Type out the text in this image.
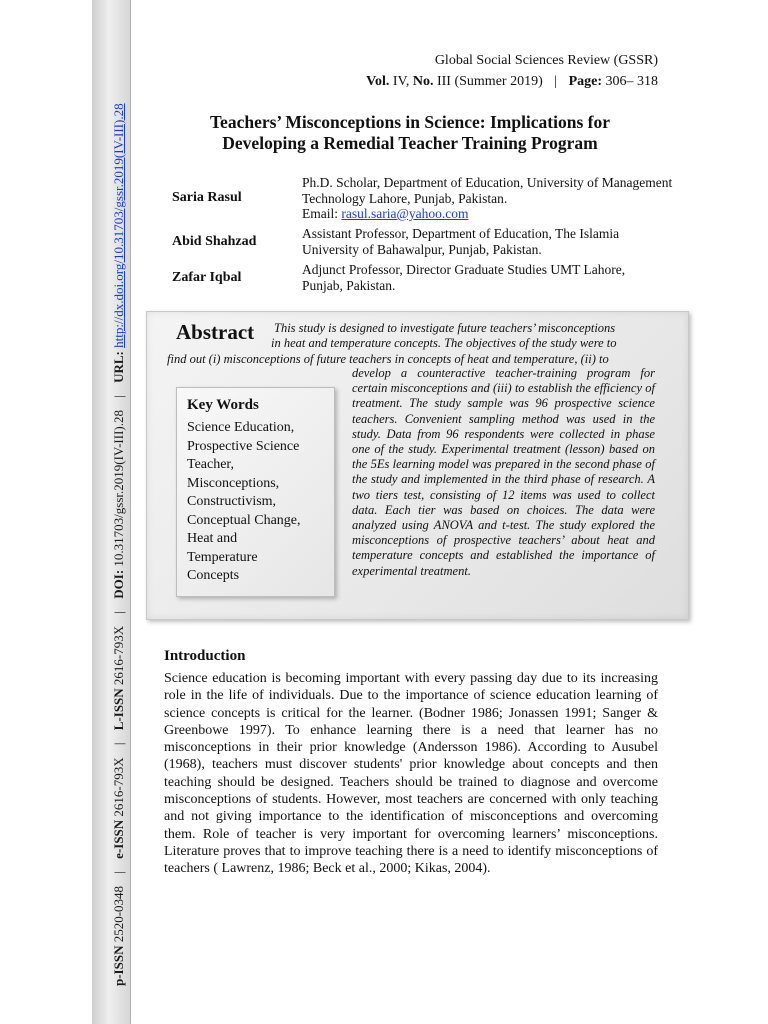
p-ISSN 2520-0348 | e-ISSN 2616-793X | L-ISSN 2616-793X | DOI: 10.31703/gssr.2019(IV-III).28 | URL: http://dx.doi.org/10.31703/gssr.2019(IV-III).28
Global Social Sciences Review (GSSR)
Vol. IV, No. III (Summer 2019) | Page: 306– 318
Teachers’ Misconceptions in Science: Implications for
Developing a Remedial Teacher Training Program
Saria Rasul
Ph.D. Scholar, Department of Education, University of Management
Technology Lahore, Punjab, Pakistan.
Email: rasul.saria@yahoo.com
Abid Shahzad
Assistant Professor, Department of Education, The Islamia
University of Bahawalpur, Punjab, Pakistan.
Zafar Iqbal
Adjunct Professor, Director Graduate Studies UMT Lahore,
Punjab, Pakistan.
Abstract This study is designed to investigate future teachers’ misconceptions
in heat and temperature concepts. The objectives of the study were to
find out (i) misconceptions of future teachers in concepts of heat and temperature, (ii) to
develop a counteractive teacher-training program for certain misconceptions and (iii) to establish the efficiency of treatment. The study sample was 96 prospective science teachers. Convenient sampling method was used in the study. Data from 96 respondents were collected in phase one of the study. Experimental treatment (lesson) based on the 5Es learning model was prepared in the second phase of the study and implemented in the third phase of research. A two tiers test, consisting of 12 items was used to collect data. Each tier was based on choices. The data were analyzed using ANOVA and t-test. The study explored the misconceptions of prospective teachers’ about heat and temperature concepts and established the importance of experimental treatment.
Key Words
Science Education,
Prospective Science
Teacher,
Misconceptions,
Constructivism,
Conceptual Change,
Heat and
Temperature
Concepts
Introduction
Science education is becoming important with every passing day due to its increasing role in the life of individuals. Due to the importance of science education learning of science concepts is critical for the learner. (Bodner 1986; Jonassen 1991; Sanger & Greenbowe 1997). To enhance learning there is a need that learner has no misconceptions in their prior knowledge (Andersson 1986). According to Ausubel (1968), teachers must discover students' prior knowledge about concepts and then teaching should be designed. Teachers should be trained to diagnose and overcome misconceptions of students. However, most teachers are concerned with only teaching and not giving importance to the identification of misconceptions and overcoming them. Role of teacher is very important for overcoming learners’ misconceptions. Literature proves that to improve teaching there is a need to identify misconceptions of teachers ( Lawrenz, 1986; Beck et al., 2000; Kikas, 2004).
